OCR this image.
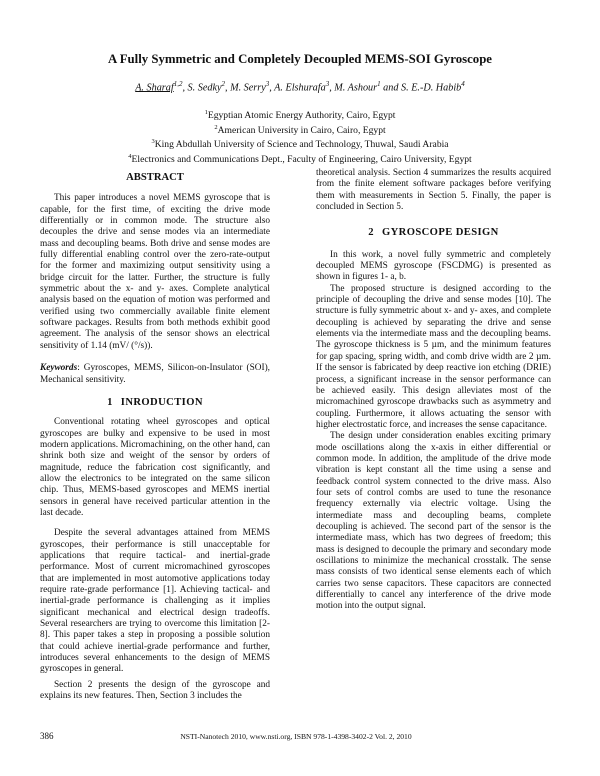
A Fully Symmetric and Completely Decoupled MEMS-SOI Gyroscope
A. Sharaf$^{1,2}$, S. Sedky$^2$, M. Serry$^3$, A. Elshurafa$^3$, M. Ashour$^1$ and S. E.-D. Habib$^4$
$^1$Egyptian Atomic Energy Authority, Cairo, Egypt
$^2$American University in Cairo, Cairo, Egypt
$^3$King Abdullah University of Science and Technology, Thuwal, Saudi Arabia
$^4$Electronics and Communications Dept., Faculty of Engineering, Cairo University, Egypt
ABSTRACT

This paper introduces a novel MEMS gyroscope that is capable, for the first time, of exciting the drive mode differentially or in common mode. The structure also decouples the drive and sense modes via an intermediate mass and decoupling beams. Both drive and sense modes are fully differential enabling control over the zero-rate-output for the former and maximizing output sensitivity using a bridge circuit for the latter. Further, the structure is fully symmetric about the x- and y- axes. Complete analytical analysis based on the equation of motion was performed and verified using two commercially available finite element software packages. Results from both methods exhibit good agreement. The analysis of the sensor shows an electrical sensitivity of 1.14 (mV/ (°/s)).

Keywords: Gyroscopes, MEMS, Silicon-on-Insulator (SOI), Mechanical sensitivity.

1 INRODUCTION

Conventional rotating wheel gyroscopes and optical gyroscopes are bulky and expensive to be used in most modern applications. Micromachining, on the other hand, can shrink both size and weight of the sensor by orders of magnitude, reduce the fabrication cost significantly, and allow the electronics to be integrated on the same silicon chip. Thus, MEMS-based gyroscopes and MEMS inertial sensors in general have received particular attention in the last decade.

Despite the several advantages attained from MEMS gyroscopes, their performance is still unacceptable for applications that require tactical- and inertial-grade performance. Most of current micromachined gyroscopes that are implemented in most automotive applications today require rate-grade performance [1]. Achieving tactical- and inertial-grade performance is challenging as it implies significant mechanical and electrical design tradeoffs. Several researchers are trying to overcome this limitation [2-8]. This paper takes a step in proposing a possible solution that could achieve inertial-grade performance and further, introduces several enhancements to the design of MEMS gyroscopes in general.

Section 2 presents the design of the gyroscope and explains its new features. Then, Section 3 includes the

theoretical analysis. Section 4 summarizes the results acquired from the finite element software packages before verifying them with measurements in Section 5. Finally, the paper is concluded in Section 5.

2 GYROSCOPE DESIGN

In this work, a novel fully symmetric and completely decoupled MEMS gyroscope (FSCDMG) is presented as shown in figures 1- a, b.

The proposed structure is designed according to the principle of decoupling the drive and sense modes [10]. The structure is fully symmetric about x- and y- axes, and complete decoupling is achieved by separating the drive and sense elements via the intermediate mass and the decoupling beams. The gyroscope thickness is 5 µm, and the minimum features for gap spacing, spring width, and comb drive width are 2 µm. If the sensor is fabricated by deep reactive ion etching (DRIE) process, a significant increase in the sensor performance can be achieved easily. This design alleviates most of the micromachined gyroscope drawbacks such as asymmetry and coupling. Furthermore, it allows actuating the sensor with higher electrostatic force, and increases the sense capacitance.

The design under consideration enables exciting primary mode oscillations along the x-axis in either differential or common mode. In addition, the amplitude of the drive mode vibration is kept constant all the time using a sense and feedback control system connected to the drive mass. Also four sets of control combs are used to tune the resonance frequency externally via electric voltage. Using the intermediate mass and decoupling beams, complete decoupling is achieved. The second part of the sensor is the intermediate mass, which has two degrees of freedom; this mass is designed to decouple the primary and secondary mode oscillations to minimize the mechanical crosstalk. The sense mass consists of two identical sense elements each of which carries two sense capacitors. These capacitors are connected differentially to cancel any interference of the drive mode motion into the output signal.

386	NSTI-Nanotech 2010, www.nsti.org, ISBN 978-1-4398-3402-2 Vol. 2, 2010
